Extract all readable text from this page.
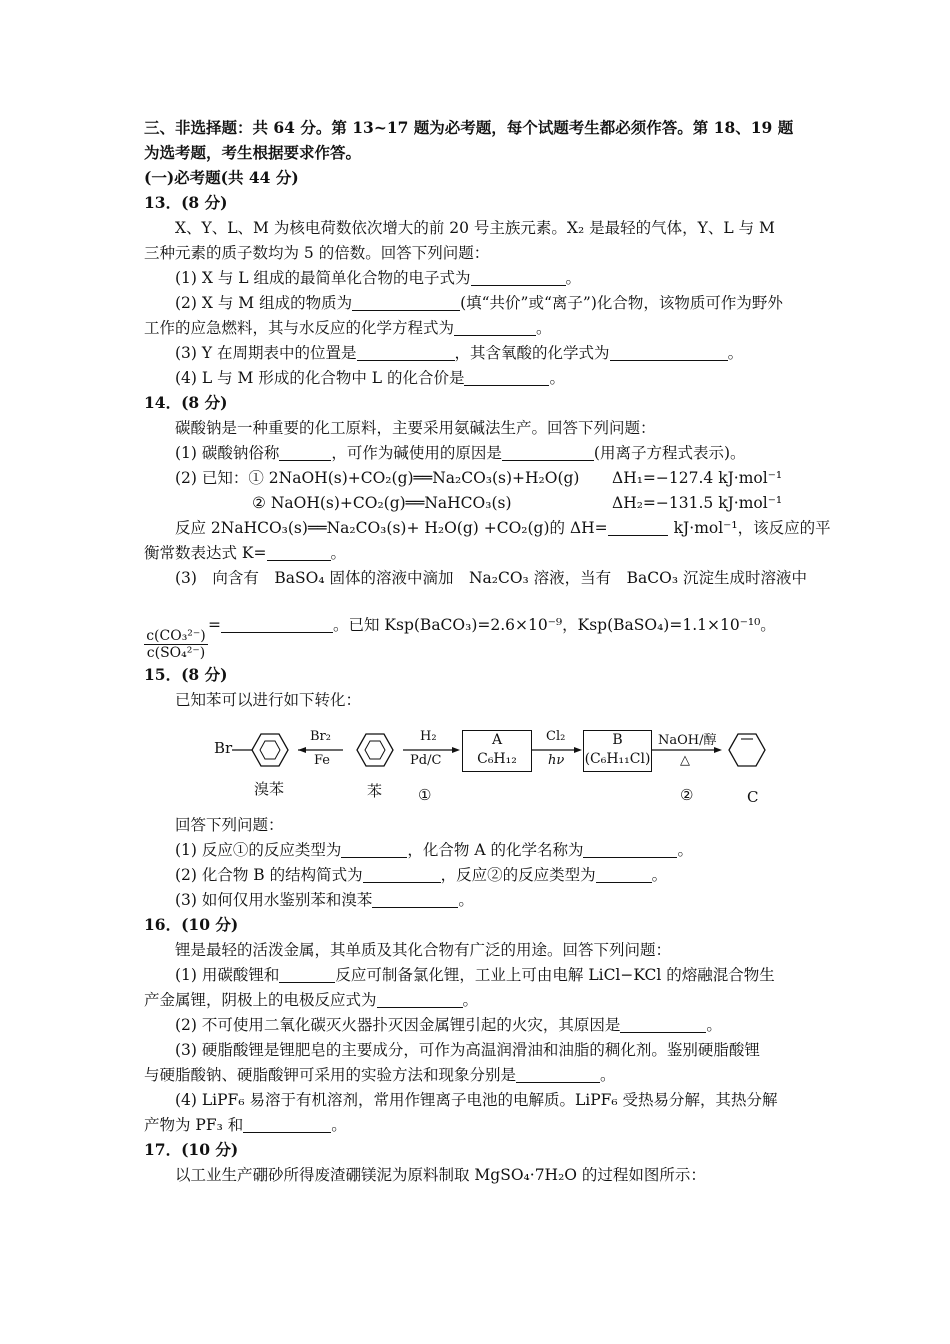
三、非选择题：共 64 分。第 13~17 题为必考题，每个试题考生都必须作答。第 18、19 题
为选考题，考生根据要求作答。
(一)必考题(共 44 分)
13．(8 分)
X、Y、L、M 为核电荷数依次增大的前 20 号主族元素。X₂ 是最轻的气体，Y、L 与 M
三种元素的质子数均为 5 的倍数。回答下列问题：
(1) X 与 L 组成的最简单化合物的电子式为	。
(2) X 与 M 组成的物质为	(填“共价”或“离子”)化合物，该物质可作为野外
工作的应急燃料，其与水反应的化学方程式为	。
(3) Y 在周期表中的位置是	，其含氧酸的化学式为	。
(4) L 与 M 形成的化合物中 L 的化合价是	。
14．(8 分)
碳酸钠是一种重要的化工原料，主要采用氨碱法生产。回答下列问题：
(1) 碳酸钠俗称	，可作为碱使用的原因是	(用离子方程式表示)。
(2) 已知：① 2NaOH(s)+CO₂(g)══Na₂CO₃(s)+H₂O(g) ΔH₁=−127.4 kJ·mol⁻¹
② NaOH(s)+CO₂(g)══NaHCO₃(s)	ΔH₂=−131.5 kJ·mol⁻¹
反应 2NaHCO₃(s)══Na₂CO₃(s)+ H₂O(g) +CO₂(g)的 ΔH=	kJ·mol⁻¹，该反应的平
衡常数表达式 K=	。
(3) 向含有 BaSO₄ 固体的溶液中滴加 Na₂CO₃ 溶液，当有 BaCO₃ 沉淀生成时溶液中
$\frac{\text{c(CO₃²⁻)}}{\text{c(SO₄²⁻)}}$
=	。已知 Ksp(BaCO₃)=2.6×10⁻⁹，Ksp(BaSO₄)=1.1×10⁻¹⁰。
15．(8 分)
已知苯可以进行如下转化：
Br
溴苯	苯
Br₂
Fe
H₂
Pd/C
①
A
C₆H₁₂
Cl₂
hν
B
(C₆H₁₁Cl)
NaOH/醇
△
②	C
回答下列问题：
(1) 反应①的反应类型为	，化合物 A 的化学名称为	。
(2) 化合物 B 的结构简式为	，反应②的反应类型为	。
(3) 如何仅用水鉴别苯和溴苯	。
16．(10 分)
锂是最轻的活泼金属，其单质及其化合物有广泛的用途。回答下列问题：
(1) 用碳酸锂和	反应可制备氯化锂，工业上可由电解 LiCl−KCl 的熔融混合物生
产金属锂，阴极上的电极反应式为	。
(2) 不可使用二氧化碳灭火器扑灭因金属锂引起的火灾，其原因是	。
(3) 硬脂酸锂是锂肥皂的主要成分，可作为高温润滑油和油脂的稠化剂。鉴别硬脂酸锂
与硬脂酸钠、硬脂酸钾可采用的实验方法和现象分别是	。
(4) LiPF₆ 易溶于有机溶剂，常用作锂离子电池的电解质。LiPF₆ 受热易分解，其热分解
产物为 PF₃ 和	。
17．(10 分)
以工业生产硼砂所得废渣硼镁泥为原料制取 MgSO₄·7H₂O 的过程如图所示：
